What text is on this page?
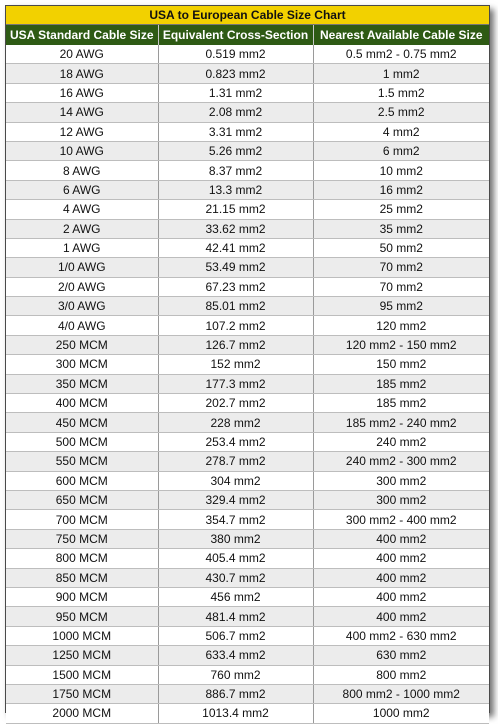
USA to European Cable Size Chart		
USA Standard Cable Size	Equivalent Cross-Section	Nearest Available Cable Size
20 AWG	0.519 mm2	0.5 mm2 - 0.75 mm2
18 AWG	0.823 mm2	1 mm2
16 AWG	1.31 mm2	1.5 mm2
14 AWG	2.08 mm2	2.5 mm2
12 AWG	3.31 mm2	4 mm2
10 AWG	5.26 mm2	6 mm2
8 AWG	8.37 mm2	10 mm2
6 AWG	13.3 mm2	16 mm2
4 AWG	21.15 mm2	25 mm2
2 AWG	33.62 mm2	35 mm2
1 AWG	42.41 mm2	50 mm2
1/0 AWG	53.49 mm2	70 mm2
2/0 AWG	67.23 mm2	70 mm2
3/0 AWG	85.01 mm2	95 mm2
4/0 AWG	107.2 mm2	120 mm2
250 MCM	126.7 mm2	120 mm2 - 150 mm2
300 MCM	152 mm2	150 mm2
350 MCM	177.3 mm2	185 mm2
400 MCM	202.7 mm2	185 mm2
450 MCM	228 mm2	185 mm2 - 240 mm2
500 MCM	253.4 mm2	240 mm2
550 MCM	278.7 mm2	240 mm2 - 300 mm2
600 MCM	304 mm2	300 mm2
650 MCM	329.4 mm2	300 mm2
700 MCM	354.7 mm2	300 mm2 - 400 mm2
750 MCM	380 mm2	400 mm2
800 MCM	405.4 mm2	400 mm2
850 MCM	430.7 mm2	400 mm2
900 MCM	456 mm2	400 mm2
950 MCM	481.4 mm2	400 mm2
1000 MCM	506.7 mm2	400 mm2 - 630 mm2
1250 MCM	633.4 mm2	630 mm2
1500 MCM	760 mm2	800 mm2
1750 MCM	886.7 mm2	800 mm2 - 1000 mm2
2000 MCM	1013.4 mm2	1000 mm2
